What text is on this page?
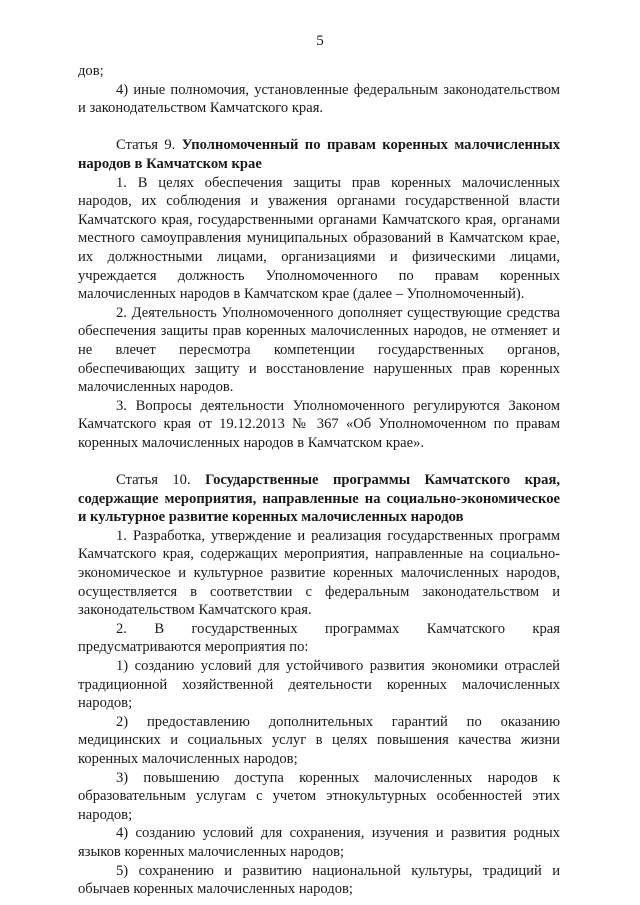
5

дов;

4) иные полномочия, установленные федеральным законодательством и законодательством Камчатского края.

Статья 9. Уполномоченный по правам коренных малочисленных народов в Камчатском крае

1. В целях обеспечения защиты прав коренных малочисленных народов, их соблюдения и уважения органами государственной власти Камчатского края, государственными органами Камчатского края, органами местного самоуправления муниципальных образований в Камчатском крае, их должностными лицами, организациями и физическими лицами, учреждается должность Уполномоченного по правам коренных малочисленных народов в Камчатском крае (далее – Уполномоченный).

2. Деятельность Уполномоченного дополняет существующие средства обеспечения защиты прав коренных малочисленных народов, не отменяет и не влечет пересмотра компетенции государственных органов, обеспечивающих защиту и восстановление нарушенных прав коренных малочисленных народов.

3. Вопросы деятельности Уполномоченного регулируются Законом Камчатского края от 19.12.2013 № 367 «Об Уполномоченном по правам коренных малочисленных народов в Камчатском крае».

Статья 10. Государственные программы Камчатского края, содержащие мероприятия, направленные на социально-экономическое и культурное развитие коренных малочисленных народов

1. Разработка, утверждение и реализация государственных программ Камчатского края, содержащих мероприятия, направленные на социально-экономическое и культурное развитие коренных малочисленных народов, осуществляется в соответствии с федеральным законодательством и законодательством Камчатского края.

2. В государственных программах Камчатского края предусматриваются мероприятия по:

1) созданию условий для устойчивого развития экономики отраслей традиционной хозяйственной деятельности коренных малочисленных народов;

2) предоставлению дополнительных гарантий по оказанию медицинских и социальных услуг в целях повышения качества жизни коренных малочисленных народов;

3) повышению доступа коренных малочисленных народов к образовательным услугам с учетом этнокультурных особенностей этих народов;

4) созданию условий для сохранения, изучения и развития родных языков коренных малочисленных народов;

5) сохранению и развитию национальной культуры, традиций и обычаев коренных малочисленных народов;
